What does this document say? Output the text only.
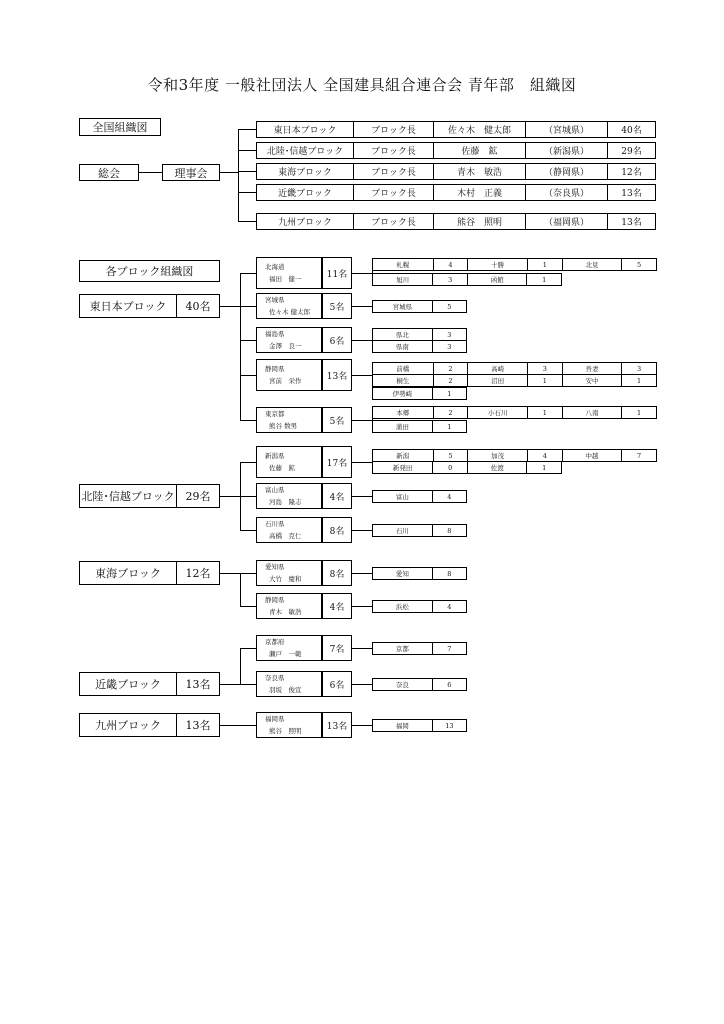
令和3年度 一般社団法人 全国建具組合連合会 青年部　組織図
全国組織図
総会	理事会
東日本ブロック	ブロック長	佐々木　健太郎	（宮城県）	40名
北陸･信越ブロック	ブロック長	佐藤　鉱	（新潟県）	29名
東海ブロック	ブロック長	青木　敏浩	（静岡県）	12名
近畿ブロック	ブロック長	木村　正義	（奈良県）	13名
九州ブロック	ブロック長	熊谷　照明	（福岡県）	13名
各ブロック組織図
東日本ブロック	40名
北海道
福田　健一	11名
札幌	4	十勝	1	北見	5
旭川	3	函館	1
宮城県
佐々木 健太郎	5名	宮城県	5
福島県
金澤　良一	6名
県北	3
県南	3
静岡県
宮前　栄作	13名
前橋	2	高崎	3	吾妻	3
桐生	2	沼田	1	安中	1
伊勢崎	1
東京都
熊谷 数男	5名
本郷	2	小石川	1	八南	1
蒲田	1
北陸･信越ブロック 29名
新潟県
佐藤　鉱	17名
新潟	5	加茂	4	中越	7
新発田	0	佐渡	1
富山県
河島　隆志	4名	富山	4
石川県
高橋　克仁	8名	石川	8
東海ブロック	12名	愛知県
大竹　慶和	8名	愛知	8
静岡県
青木　敏浩	4名	浜松	4
近畿ブロック	13名
京都府
瀬戸　一範	7名	京都	7
奈良県
羽坂　俊宣	6名	奈良	6
九州ブロック	13名	福岡県
熊谷　照明	13名	福岡	13
